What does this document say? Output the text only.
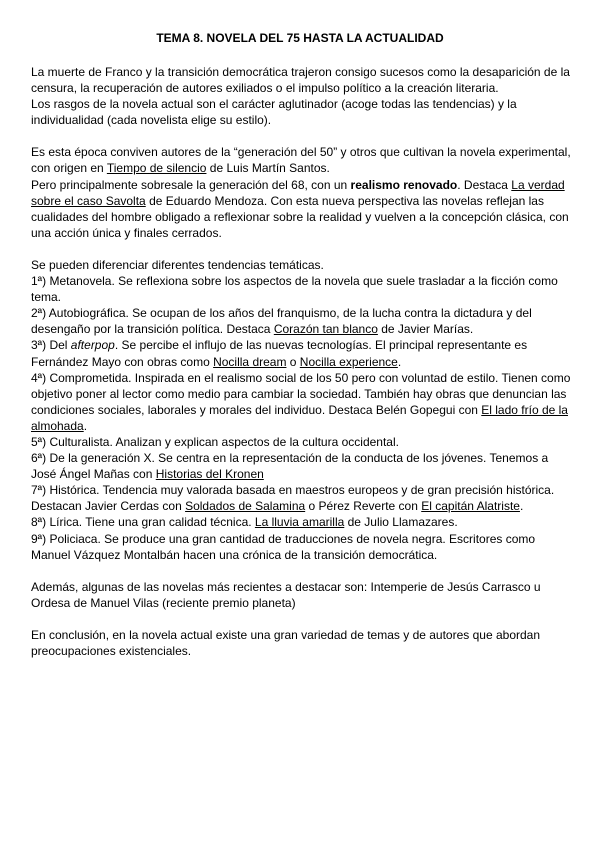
TEMA 8. NOVELA DEL 75 HASTA LA ACTUALIDAD

La muerte de Franco y la transición democrática trajeron consigo sucesos como la desaparición de la censura, la recuperación de autores exiliados o el impulso político a la creación literaria.
Los rasgos de la novela actual son el carácter aglutinador (acoge todas las tendencias) y la individualidad (cada novelista elige su estilo).

Es esta época conviven autores de la “generación del 50” y otros que cultivan la novela experimental, con origen en Tiempo de silencio de Luis Martín Santos.
Pero principalmente sobresale la generación del 68, con un realismo renovado. Destaca La verdad sobre el caso Savolta de Eduardo Mendoza. Con esta nueva perspectiva las novelas reflejan las cualidades del hombre obligado a reflexionar sobre la realidad y vuelven a la concepción clásica, con una acción única y finales cerrados.

Se pueden diferenciar diferentes tendencias temáticas.
1ª) Metanovela. Se reflexiona sobre los aspectos de la novela que suele trasladar a la ficción como tema.
2ª) Autobiográfica. Se ocupan de los años del franquismo, de la lucha contra la dictadura y del desengaño por la transición política. Destaca Corazón tan blanco de Javier Marías.
3ª) Del afterpop. Se percibe el influjo de las nuevas tecnologías. El principal representante es Fernández Mayo con obras como Nocilla dream o Nocilla experience.
4ª) Comprometida. Inspirada en el realismo social de los 50 pero con voluntad de estilo. Tienen como objetivo poner al lector como medio para cambiar la sociedad. También hay obras que denuncian las condiciones sociales, laborales y morales del individuo. Destaca Belén Gopegui con El lado frío de la almohada.
5ª) Culturalista. Analizan y explican aspectos de la cultura occidental.
6ª) De la generación X. Se centra en la representación de la conducta de los jóvenes. Tenemos a José Ángel Mañas con Historias del Kronen
7ª) Histórica. Tendencia muy valorada basada en maestros europeos y de gran precisión histórica. Destacan Javier Cerdas con Soldados de Salamina o Pérez Reverte con El capitán Alatriste.
8ª) Lírica. Tiene una gran calidad técnica. La lluvia amarilla de Julio Llamazares.
9ª) Policiaca. Se produce una gran cantidad de traducciones de novela negra. Escritores como Manuel Vázquez Montalbán hacen una crónica de la transición democrática.

Además, algunas de las novelas más recientes a destacar son: Intemperie de Jesús Carrasco u Ordesa de Manuel Vilas (reciente premio planeta)

En conclusión, en la novela actual existe una gran variedad de temas y de autores que abordan preocupaciones existenciales.
